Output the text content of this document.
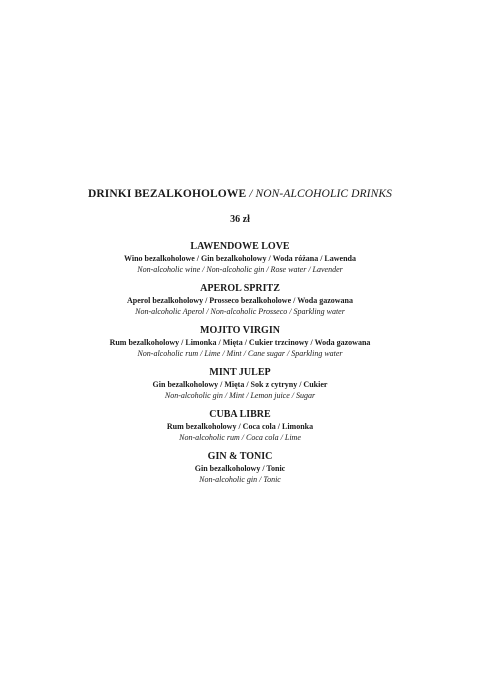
DRINKI BEZALKOHOLOWE / NON-ALCOHOLIC DRINKS
36 zł
LAWENDOWE LOVE
Wino bezalkoholowe / Gin bezalkoholowy / Woda różana / Lawenda
Non-alcoholic wine / Non-alcoholic gin / Rose water / Lavender
APEROL SPRITZ
Aperol bezalkoholowy / Prosseco bezalkoholowe / Woda gazowana
Non-alcoholic Aperol / Non-alcoholic Prosseco / Sparkling water
MOJITO VIRGIN
Rum bezalkoholowy / Limonka / Mięta / Cukier trzcinowy / Woda gazowana
Non-alcoholic rum / Lime / Mint / Cane sugar / Sparkling water
MINT JULEP
Gin bezalkoholowy / Mięta / Sok z cytryny / Cukier
Non-alcoholic gin / Mint / Lemon juice / Sugar
CUBA LIBRE
Rum bezalkoholowy / Coca cola / Limonka
Non-alcoholic rum / Coca cola / Lime
GIN & TONIC
Gin bezalkoholowy / Tonic
Non-alcoholic gin / Tonic
